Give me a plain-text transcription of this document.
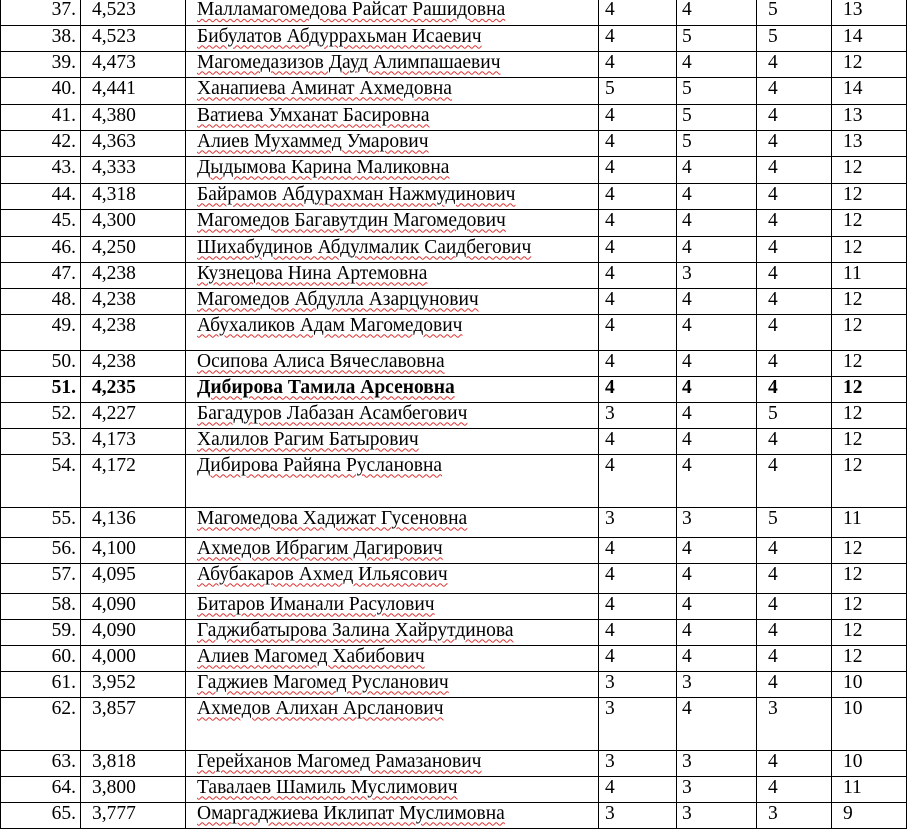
37.	4,523	Малламагомедова Райсат Рашидовна	4	4	5	13
38.	4,523	Бибулатов Абдуррахьман Исаевич	4	5	5	14
39.	4,473	Магомедазизов Дауд Алимпашаевич	4	4	4	12
40.	4,441	Ханапиева Аминат Ахмедовна	5	5	4	14
41.	4,380	Ватиева Умханат Басировна	4	5	4	13
42.	4,363	Алиев Мухаммед Умарович	4	5	4	13
43.	4,333	Дыдымова Карина Маликовна	4	4	4	12
44.	4,318	Байрамов Абдурахман Нажмудинович	4	4	4	12
45.	4,300	Магомедов Багавутдин Магомедович	4	4	4	12
46.	4,250	Шихабудинов Абдулмалик Саидбегович	4	4	4	12
47.	4,238	Кузнецова Нина Артемовна	4	3	4	11
48.	4,238	Магомедов Абдулла Азарцунович	4	4	4	12
49.	4,238	Абухаликов Адам Магомедович	4	4	4	12
50.	4,238	Осипова Алиса Вячеславовна	4	4	4	12
51.	4,235	Дибирова Тамила Арсеновна	4	4	4	12
52.	4,227	Багадуров Лабазан Асамбегович	3	4	5	12
53.	4,173	Халилов Рагим Батырович	4	4	4	12
54.	4,172	Дибирова Райяна Руслановна	4	4	4	12
55.	4,136	Магомедова Хадижат Гусеновна	3	3	5	11
56.	4,100	Ахмедов Ибрагим Дагирович	4	4	4	12
57.	4,095	Абубакаров Ахмед Ильясович	4	4	4	12
58.	4,090	Битаров Иманали Расулович	4	4	4	12
59.	4,090	Гаджибатырова Залина Хайрутдинова	4	4	4	12
60.	4,000	Алиев Магомед Хабибович	4	4	4	12
61.	3,952	Гаджиев Магомед Русланович	3	3	4	10
62.	3,857	Ахмедов Алихан Арсланович	3	4	3	10
63.	3,818	Герейханов Магомед Рамазанович	3	3	4	10
64.	3,800	Тавалаев Шамиль Муслимович	4	3	4	11
65.	3,777	Омаргаджиева Иклипат Муслимовна	3	3	3	9
